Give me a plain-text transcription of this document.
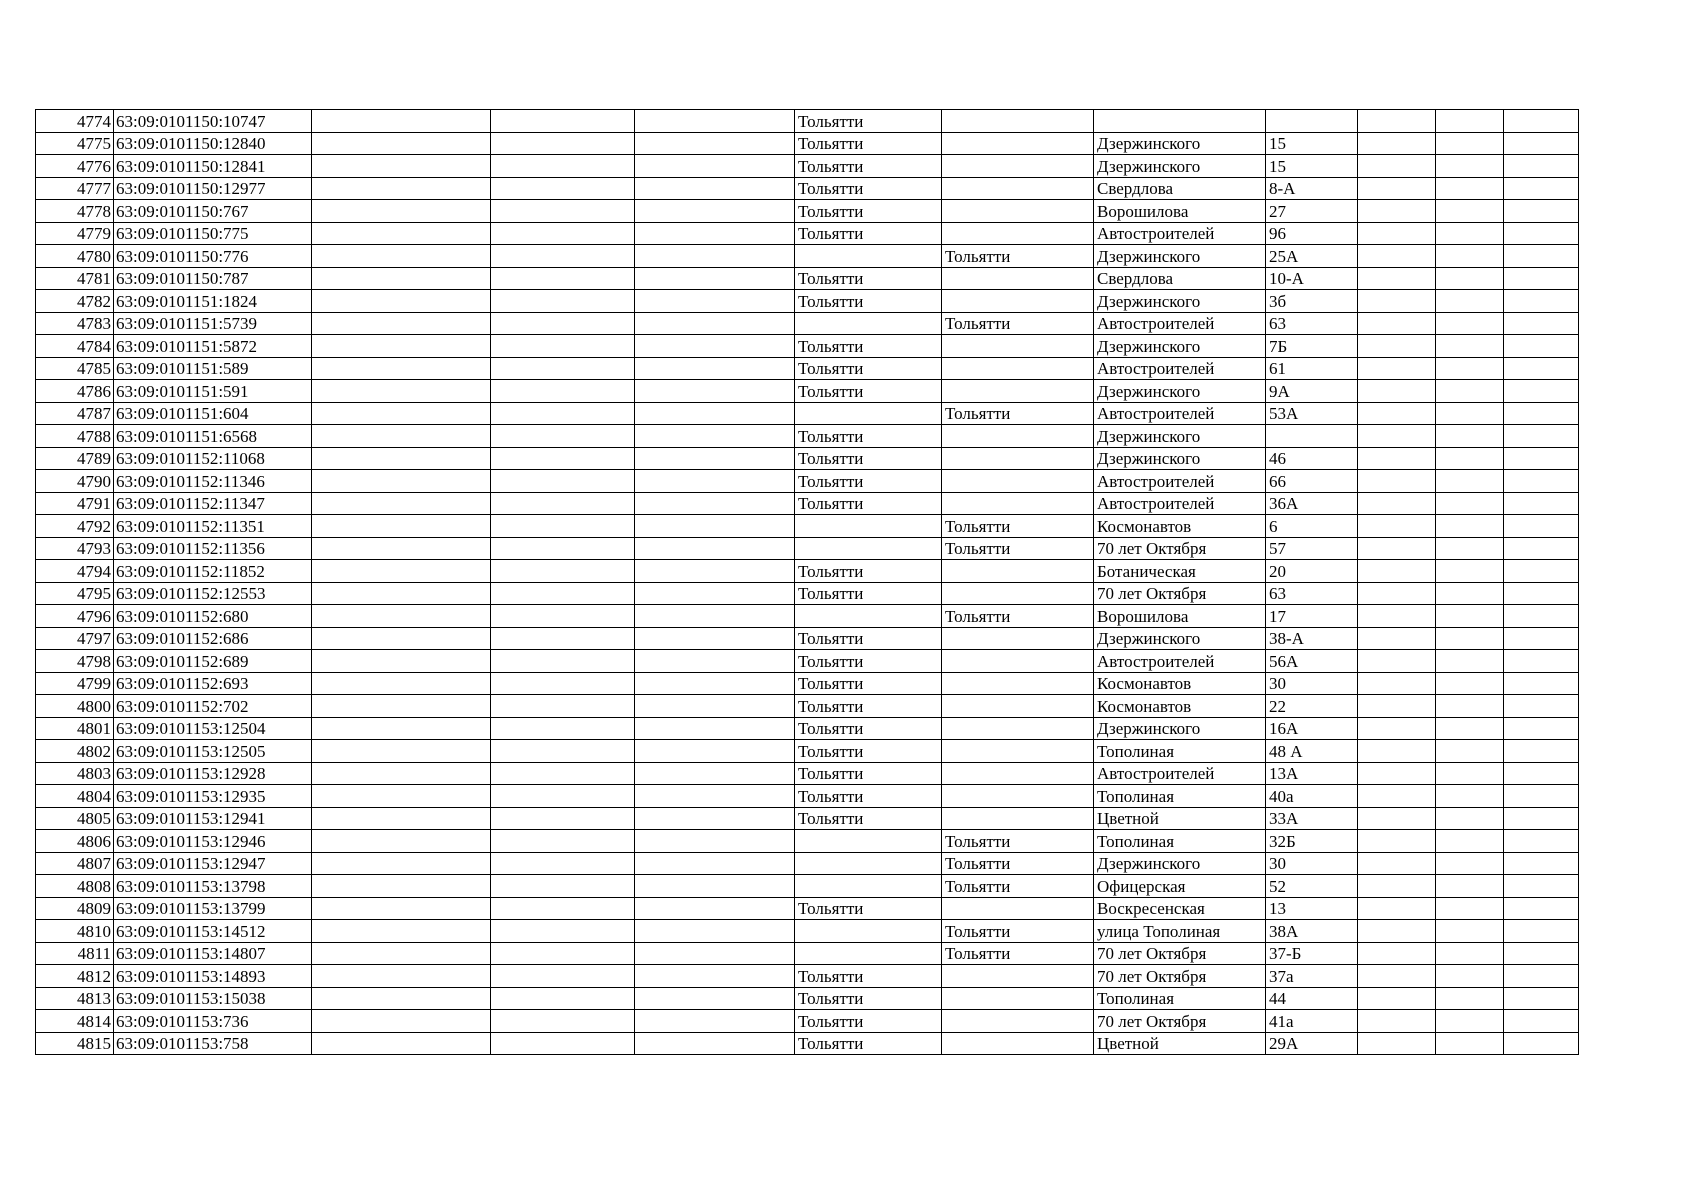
4774	63:09:0101150:10747				Тольятти						
4775	63:09:0101150:12840				Тольятти		Дзержинского	15			
4776	63:09:0101150:12841				Тольятти		Дзержинского	15			
4777	63:09:0101150:12977				Тольятти		Свердлова	8-А			
4778	63:09:0101150:767				Тольятти		Ворошилова	27			
4779	63:09:0101150:775				Тольятти		Автостроителей	96			
4780	63:09:0101150:776					Тольятти	Дзержинского	25А			
4781	63:09:0101150:787				Тольятти		Свердлова	10-А			
4782	63:09:0101151:1824				Тольятти		Дзержинского	3б			
4783	63:09:0101151:5739					Тольятти	Автостроителей	63			
4784	63:09:0101151:5872				Тольятти		Дзержинского	7Б			
4785	63:09:0101151:589				Тольятти		Автостроителей	61			
4786	63:09:0101151:591				Тольятти		Дзержинского	9А			
4787	63:09:0101151:604					Тольятти	Автостроителей	53А			
4788	63:09:0101151:6568				Тольятти		Дзержинского				
4789	63:09:0101152:11068				Тольятти		Дзержинского	46			
4790	63:09:0101152:11346				Тольятти		Автостроителей	66			
4791	63:09:0101152:11347				Тольятти		Автостроителей	36А			
4792	63:09:0101152:11351					Тольятти	Космонавтов	6			
4793	63:09:0101152:11356					Тольятти	70 лет Октября	57			
4794	63:09:0101152:11852				Тольятти		Ботаническая	20			
4795	63:09:0101152:12553				Тольятти		70 лет Октября	63			
4796	63:09:0101152:680					Тольятти	Ворошилова	17			
4797	63:09:0101152:686				Тольятти		Дзержинского	38-А			
4798	63:09:0101152:689				Тольятти		Автостроителей	56А			
4799	63:09:0101152:693				Тольятти		Космонавтов	30			
4800	63:09:0101152:702				Тольятти		Космонавтов	22			
4801	63:09:0101153:12504				Тольятти		Дзержинского	16А			
4802	63:09:0101153:12505				Тольятти		Тополиная	48 А			
4803	63:09:0101153:12928				Тольятти		Автостроителей	13А			
4804	63:09:0101153:12935				Тольятти		Тополиная	40а			
4805	63:09:0101153:12941				Тольятти		Цветной	33А			
4806	63:09:0101153:12946					Тольятти	Тополиная	32Б			
4807	63:09:0101153:12947					Тольятти	Дзержинского	30			
4808	63:09:0101153:13798					Тольятти	Офицерская	52			
4809	63:09:0101153:13799				Тольятти		Воскресенская	13			
4810	63:09:0101153:14512					Тольятти	улица Тополиная	38А			
4811	63:09:0101153:14807					Тольятти	70 лет Октября	37-Б			
4812	63:09:0101153:14893				Тольятти		70 лет Октября	37а			
4813	63:09:0101153:15038				Тольятти		Тополиная	44			
4814	63:09:0101153:736				Тольятти		70 лет Октября	41а			
4815	63:09:0101153:758				Тольятти		Цветной	29А			
